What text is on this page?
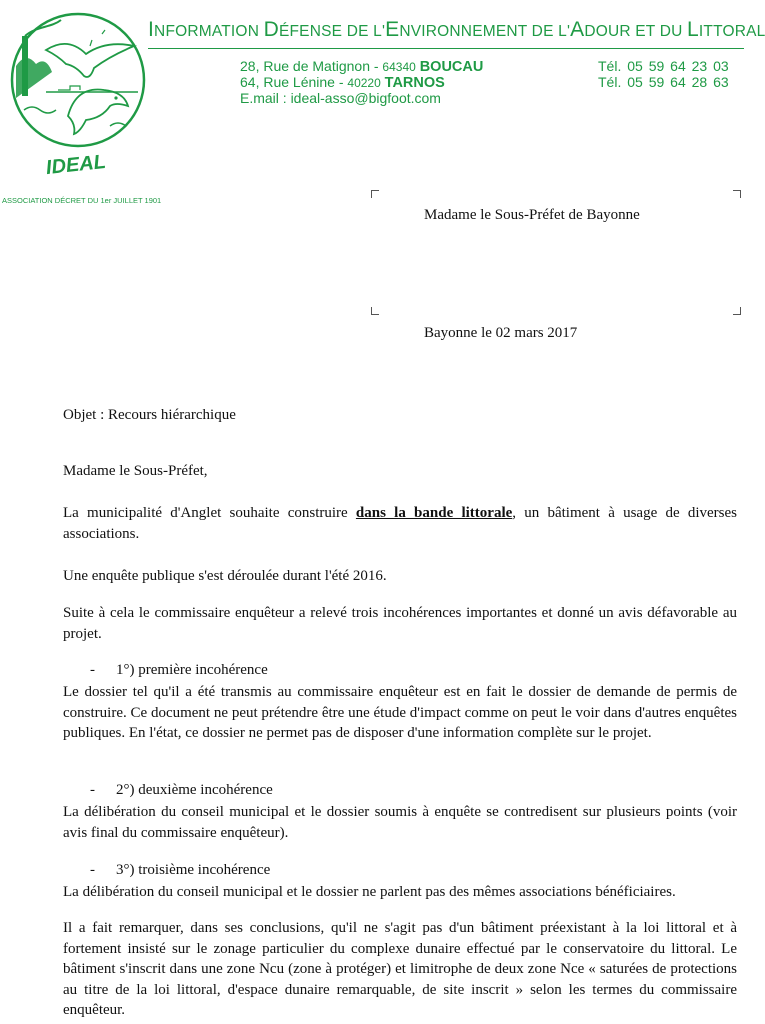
IDEAL
INFORMATION DÉFENSE DE L'ENVIRONNEMENT DE L'ADOUR ET DU LITTORAL
28, Rue de Matignon - 64340 BOUCAU
64, Rue Lénine - 40220 TARNOS
E.mail : ideal-asso@bigfoot.com
Tél. 05 59 64 23 03
Tél. 05 59 64 28 63
ASSOCIATION DÉCRET DU 1er JUILLET 1901
Madame le Sous-Préfet de Bayonne
Bayonne le 02 mars 2017
Objet : Recours hiérarchique
Madame le Sous-Préfet,
La municipalité d'Anglet souhaite construire dans la bande littorale, un bâtiment à usage de diverses associations.
Une enquête publique s'est déroulée durant l'été 2016.
Suite à cela le commissaire enquêteur a relevé trois incohérences importantes et donné un avis défavorable au projet.
- 1°) première incohérence
Le dossier tel qu'il a été transmis au commissaire enquêteur est en fait le dossier de demande de permis de construire. Ce document ne peut prétendre être une étude d'impact comme on peut le voir dans d'autres enquêtes publiques. En l'état, ce dossier ne permet pas de disposer d'une information complète sur le projet.
- 2°) deuxième incohérence
La délibération du conseil municipal et le dossier soumis à enquête se contredisent sur plusieurs points (voir avis final du commissaire enquêteur).
- 3°) troisième incohérence
La délibération du conseil municipal et le dossier ne parlent pas des mêmes associations bénéficiaires.
Il a fait remarquer, dans ses conclusions, qu'il ne s'agit pas d'un bâtiment préexistant à la loi littoral et à fortement insisté sur le zonage particulier du complexe dunaire effectué par le conservatoire du littoral. Le bâtiment s'inscrit dans une zone Ncu (zone à protéger) et limitrophe de deux zone Nce « saturées de protections au titre de la loi littoral, d'espace dunaire remarquable, de site inscrit » selon les termes du commissaire enquêteur.
